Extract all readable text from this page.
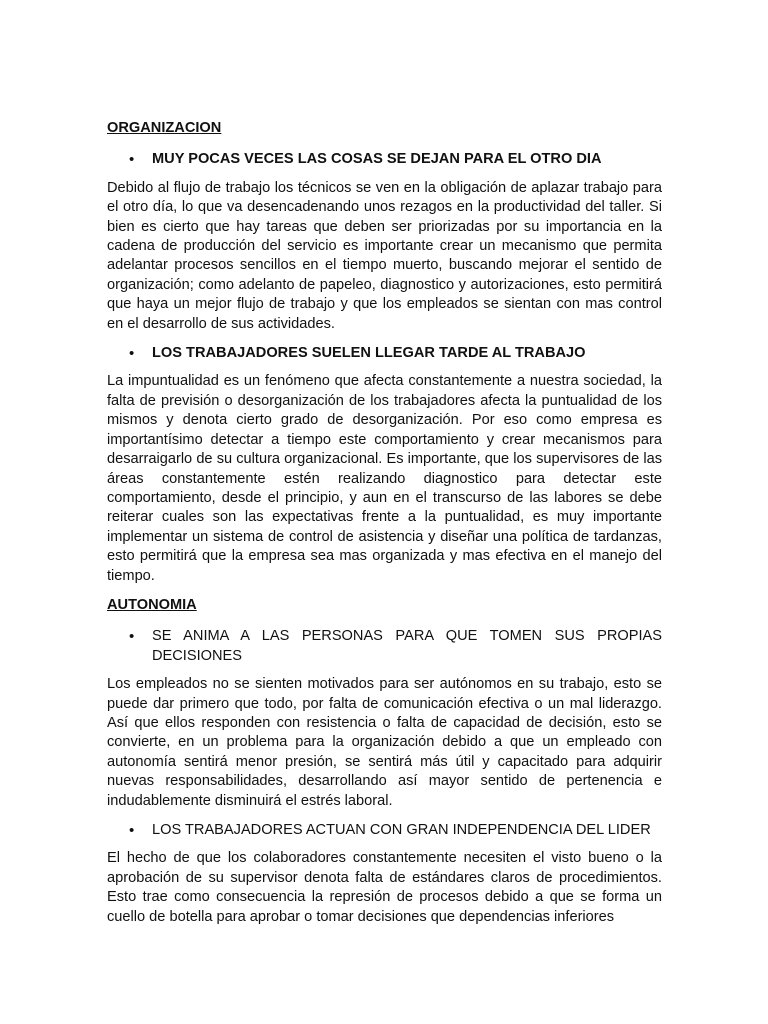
ORGANIZACION
•	MUY POCAS VECES LAS COSAS SE DEJAN PARA EL OTRO DIA

Debido al flujo de trabajo los técnicos se ven en la obligación de aplazar trabajo para el otro día, lo que va desencadenando unos rezagos en la productividad del taller. Si bien es cierto que hay tareas que deben ser priorizadas por su importancia en la cadena de producción del servicio es importante crear un mecanismo que permita adelantar procesos sencillos en el tiempo muerto, buscando mejorar el sentido de organización; como adelanto de papeleo, diagnostico y autorizaciones, esto permitirá que haya un mejor flujo de trabajo y que los empleados se sientan con mas control en el desarrollo de sus actividades.

•	LOS TRABAJADORES SUELEN LLEGAR TARDE AL TRABAJO

La impuntualidad es un fenómeno que afecta constantemente a nuestra sociedad, la falta de previsión o desorganización de los trabajadores afecta la puntualidad de los mismos y denota cierto grado de desorganización. Por eso como empresa es importantísimo detectar a tiempo este comportamiento y crear mecanismos para desarraigarlo de su cultura organizacional. Es importante, que los supervisores de las áreas constantemente estén realizando diagnostico para detectar este comportamiento, desde el principio, y aun en el transcurso de las labores se debe reiterar cuales son las expectativas frente a la puntualidad, es muy importante implementar un sistema de control de asistencia y diseñar una política de tardanzas, esto permitirá que la empresa sea mas organizada y mas efectiva en el manejo del tiempo.

AUTONOMIA
•	SE ANIMA A LAS PERSONAS PARA QUE TOMEN SUS PROPIAS DECISIONES

Los empleados no se sienten motivados para ser autónomos en su trabajo, esto se puede dar primero que todo, por falta de comunicación efectiva o un mal liderazgo. Así que ellos responden con resistencia o falta de capacidad de decisión, esto se convierte, en un problema para la organización debido a que un empleado con autonomía sentirá menor presión, se sentirá más útil y capacitado para adquirir nuevas responsabilidades, desarrollando así mayor sentido de pertenencia e indudablemente disminuirá el estrés laboral.

•	LOS TRABAJADORES ACTUAN CON GRAN INDEPENDENCIA DEL LIDER

El hecho de que los colaboradores constantemente necesiten el visto bueno o la aprobación de su supervisor denota falta de estándares claros de procedimientos. Esto trae como consecuencia la represión de procesos debido a que se forma un cuello de botella para aprobar o tomar decisiones que dependencias inferiores
